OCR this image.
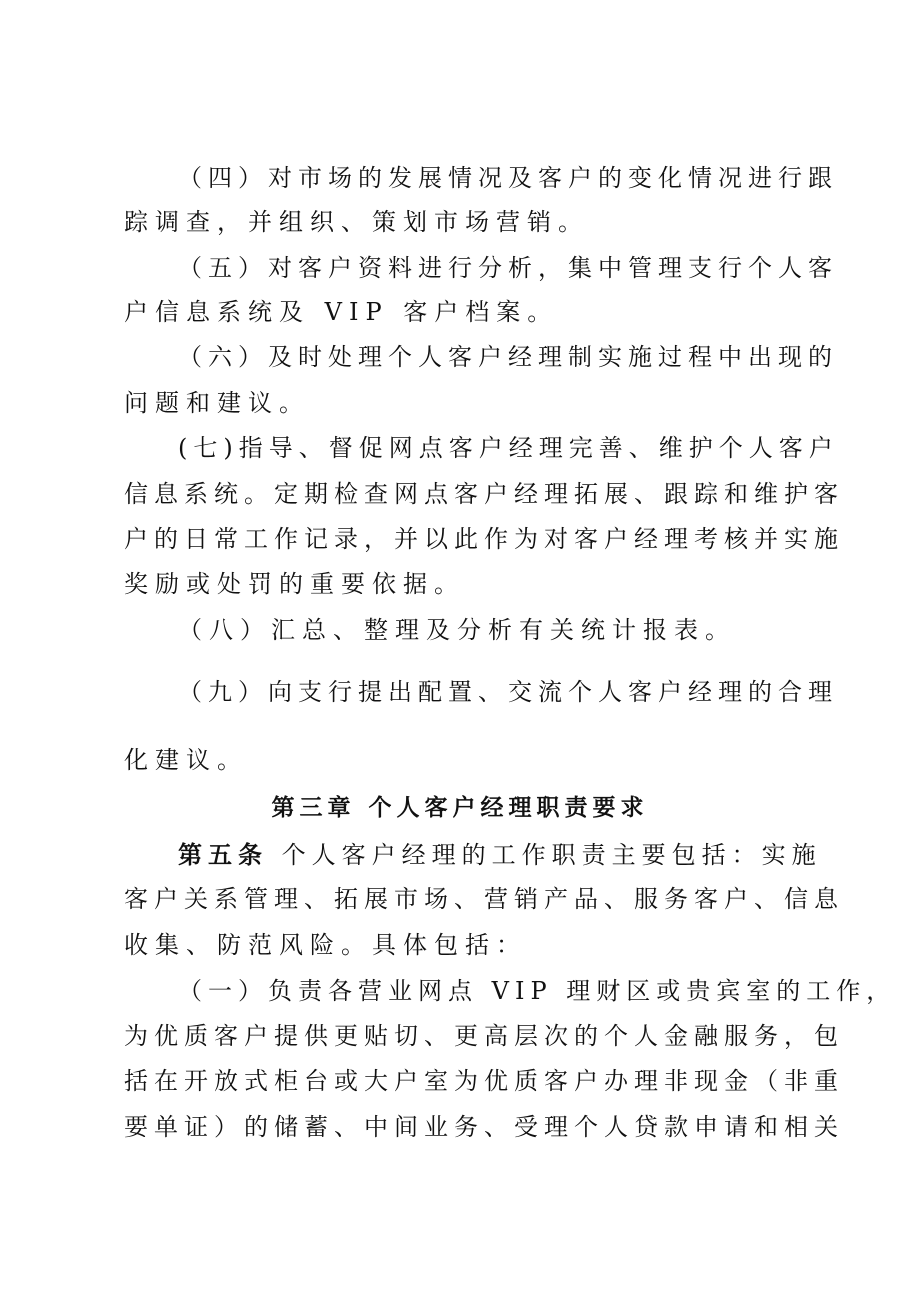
（四）对市场的发展情况及客户的变化情况进行跟
踪调查，并组织、策划市场营销。
（五）对客户资料进行分析，集中管理支行个人客
户信息系统及 VIP 客户档案。
（六）及时处理个人客户经理制实施过程中出现的
问题和建议。
(七)指导、督促网点客户经理完善、维护个人客户
信息系统。定期检查网点客户经理拓展、跟踪和维护客
户的日常工作记录，并以此作为对客户经理考核并实施
奖励或处罚的重要依据。
（八）汇总、整理及分析有关统计报表。
（九）向支行提出配置、交流个人客户经理的合理
化建议。
第三章 个人客户经理职责要求
第五条 个人客户经理的工作职责主要包括：实施
客户关系管理、拓展市场、营销产品、服务客户、信息
收集、防范风险。具体包括：
（一）负责各营业网点 VIP 理财区或贵宾室的工作，
为优质客户提供更贴切、更高层次的个人金融服务，包
括在开放式柜台或大户室为优质客户办理非现金（非重
要单证）的储蓄、中间业务、受理个人贷款申请和相关
